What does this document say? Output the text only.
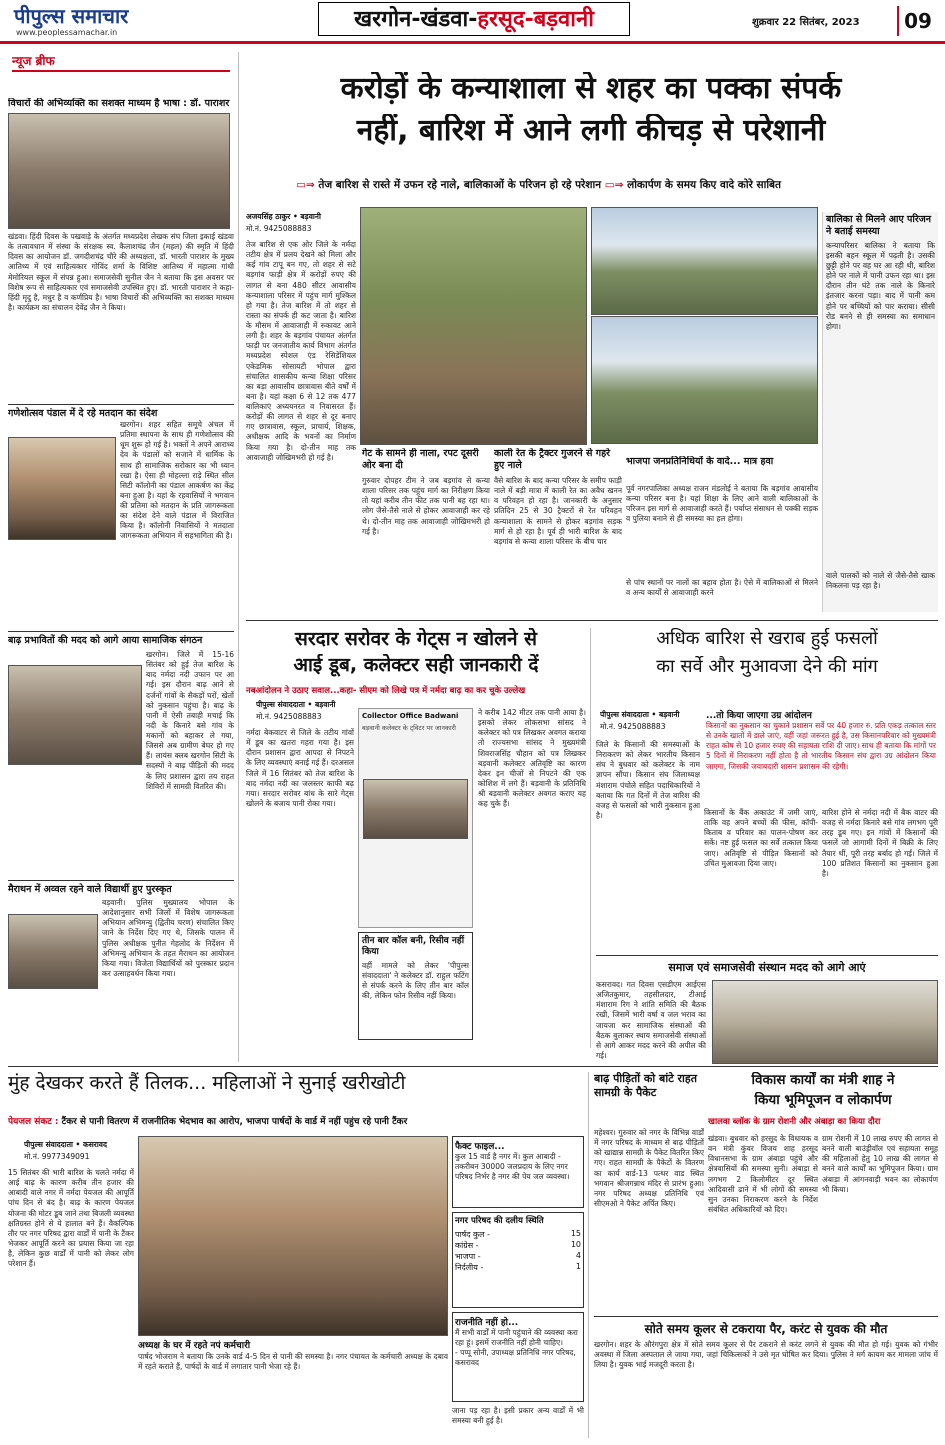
पीपुल्स समाचार
www.peoplessamachar.in
खरगोन-खंडवा-हरसूद-बड़वानी	शुक्रवार 22 सितंबर, 2023	09
न्यूज ब्रीफ
विचारों की अभिव्यक्ति का सशक्त माध्यम है भाषा : डॉ. पाराशर
खंडवा। हिंदी दिवस के पखवाड़े के अंतर्गत मध्यप्रदेश लेखक संघ जिला इकाई खंडवा के तत्वावधान में संस्था के संरक्षक स्व. कैलाशचंद्र जैन (महल) की स्मृति में हिंदी दिवस का आयोजन डॉ. जगदीशचंद्र चौरे की अध्यक्षता, डॉ. भारती पाराशर के मुख्य आतिथ्य में एवं साहित्यकार गोविंद शर्मा के विशिष्ट आतिथ्य में महात्मा गांधी मेमोरियल स्कूल में संपन्न हुआ। समाजसेवी सुनील जैन ने बताया कि इस अवसर पर विशेष रूप से साहित्यकार एवं समाजसेवी उपस्थित हुए। डॉ. भारती पाराशर ने कहा- हिंदी मृदु है, मधुर है व कर्णप्रिय है। भाषा विचारों की अभिव्यक्ति का सशक्त माध्यम है। कार्यक्रम का संचालन देवेंद्र जैन ने किया।
गणेशोत्सव पंडाल में दे रहे मतदान का संदेश
खरगोन। शहर सहित समूचे अंचल में प्रतिमा स्थापना के साथ ही गणेशोत्सव की धूम शुरू हो गई है। भक्तों ने अपने आराध्य देव के पंडालों को सजाने में धार्मिक के साथ ही सामाजिक सरोकार का भी ध्यान रखा है। ऐसा ही मोहल्ला राड़े स्थित सील सिटी कॉलोनी का पंडाल आकर्षण का केंद्र बना हुआ है। यहां के रहवासियों ने भगवान की प्रतिमा को मतदान के प्रति जागरूकता का संदेश देने वाले पंडाल में विराजित किया है। कॉलोनी निवासियों ने मतदाता जागरूकता अभियान में सहभागिता की है।
बाढ़ प्रभावितों की मदद को आगे आया सामाजिक संगठन
खरगोन। जिले में 15-16 सितंबर को हुई तेज बारिश के बाद नर्मदा नदी उफान पर आ गई। इस दौरान बाढ़ आने से दर्जनों गांवों के सैकड़ों घरों, खेतों को नुकसान पहुंचा है। बाढ़ के पानी में ऐसी तबाही मचाई कि नदी के किनारे बसे गांव के मकानों को बहाकर ले गया, जिससे अब ग्रामीण बेघर हो गए हैं। लायंस क्लब खरगोन सिटी के सदस्यों ने बाढ़ पीड़ितों की मदद के लिए प्रशासन द्वारा तय राहत शिविरों में सामग्री वितरित की।
मैराथन में अव्वल रहने वाले विद्यार्थी हुए पुरस्कृत
बड़वानी। पुलिस मुख्यालय भोपाल के आदेशानुसार सभी जिलों में विशेष जागरूकता अभियान अभिमन्यु (द्वितीय चरण) संचालित किए जाने के निर्देश दिए गए थे, जिसके पालन में पुलिस अधीक्षक पुनीत गेहलोद के निर्देशन में अभिमन्यु अभियान के तहत मैराथन का आयोजन किया गया। विजेता विद्यार्थियों को पुरस्कार प्रदान कर उत्साहवर्धन किया गया।
करोड़ों के कन्याशाला से शहर का पक्का संपर्क
नहीं, बारिश में आने लगी कीचड़ से परेशानी
▭⇒ तेज बारिश से रास्ते में उफन रहे नाले, बालिकाओं के परिजन हो रहे परेशान ▭⇒ लोकार्पण के समय किए वादे कोरे साबित
अजयसिंह ठाकुर • बड़वानी
मो.नं. 9425088883
तेज बारिश से एक ओर जिले के नर्मदा तटीय क्षेत्र में प्रलय देखने को मिला और कई गांव टापू बन गए, तो शहर से सटे बड़गांव फाड़ी क्षेत्र में करोड़ों रुपए की लागत से बना 480 सीटर आवासीय कन्याशाला परिसर में पहुंच मार्ग मुश्किल हो गया है। तेज बारिश में तो शहर से रास्ता का संपर्क ही कट जाता है। बारिश के मौसम में आवाजाही में रुकावट आने लगी है। शहर के बड़गांव पंचायत अंतर्गत फाड़ी पर जनजातीय कार्य विभाग अंतर्गत मध्यप्रदेश स्पेशल एंड रेसिडेंशियल एकेडमिक सोसायटी भोपाल द्वारा संचालित शासकीय कन्या शिक्षा परिसर का बड़ा आवासीय छात्रावास बीते वर्षों में बना है। यहां कक्षा 6 से 12 तक 477 बालिकाएं अध्ययनरत व निवासरत हैं। करोड़ों की लागत से शहर से दूर बनाए गए छात्रावास, स्कूल, प्राचार्य, शिक्षक, अधीक्षक आदि के भवनों का निर्माण किया गया है। दो-तीन माह तक आवाजाही जोखिमभरी हो गई है।	गेट के सामने ही नाला, रपट दूसरी ओर बना दी
गुरुवार दोपहर टीम ने जब बड़गांव से कन्या शाला परिसर तक पहुंच मार्ग का निरीक्षण किया तो यहां करीब तीन फीट तक पानी बह रहा था। लोग जैसे-तैसे नाले से होकर आवाजाही कर रहे थे। दो-तीन माह तक आवाजाही जोखिमभरी हो गई है।
काली रेत के ट्रैक्टर गुजरने से गहरे हुए नाले
वैसे बारिश के बाद कन्या परिसर के समीप फाड़ी नाले में बड़ी मात्रा में काली रेत का अवैध खनन व परिवहन हो रहा है। जानकारी के अनुसार प्रतिदिन 25 से 30 ट्रैक्टरों से रेत परिवहन कन्याशाला के सामने से होकर बड़गांव सड़क मार्ग से हो रहा है। पूर्व ही भारी बारिश के बाद बड़गांव से कन्या शाला परिसर के बीच चार
भाजपा जनप्रतिनिधियों के वादे... मात्र हवा
पूर्व नगरपालिका अध्यक्ष राजन मंडलोई ने बताया कि बड़गांव आवासीय कन्या परिसर बना है। यहां शिक्षा के लिए आने वाली बालिकाओं के परिजन इस मार्ग से आवाजाही करते हैं। पर्याप्त संसाधन से पक्की सड़क व पुलिया बनाने से ही समस्या का हल होगा।
से पांच स्थानों पर नालों का बहाव होता है। ऐसे में बालिकाओं से मिलने व अन्य कार्यों से आवाजाही करने
बालिका से मिलने आए परिजन ने बताई समस्या
कन्यापरिसर बालिका ने बताया कि इसकी बहन स्कूल में पढ़ती है। उसकी छुट्टी होने पर वह घर आ रही थी, बारिश होने पर नाले में पानी उफन रहा था। इस दौरान तीन घंटे तक नाले के किनारे इंतजार करना पड़ा। बाद में पानी कम होने पर बच्चियों को पार कराया। सीसी रोड बनने से ही समस्या का समाधान होगा।
वाले पालकों को नाले से जैसे-तैसे खाक निकलना पड़ रहा है।
सरदार सरोवर के गेट्स न खोलने से
आई डूब, कलेक्टर सही जानकारी दें
नबआंदोलन ने उठाए सवाल...कहा- सीएम को लिखे पत्र में नर्मदा बाढ़ का कर चुके उल्लेख
पीपुल्स संवाददाता • बड़वानी
मो.नं. 9425088883
नर्मदा बेकवाटर से जिले के तटीय गांवों में डूब का खतरा गहरा गया है। इस दौरान प्रशासन द्वारा आपदा से निपटने के लिए व्यवस्थाएं बनाई गई हैं। दरअसल जिले में 16 सितंबर को तेज बारिश के बाद नर्मदा नदी का जलस्तर काफी बढ़ गया। सरदार सरोवर बांध के सारे गेट्स खोलने के बजाय पानी रोका गया।
Collector Office Badwani
बड़वानी कलेक्टर के ट्विटर पर जानकारी
तीन बार कॉल बनी, रिसीव नहीं किया
वहीं मामले को लेकर 'पीपुल्स संवाददाता' ने कलेक्टर डॉ. राहुल फटिंग से संपर्क करने के लिए तीन बार कॉल की, लेकिन फोन रिसीव नहीं किया।
ने करीब 142 मीटर तक पानी आया है। इसको लेकर लोकसभा सांसद ने कलेक्टर को पत्र लिखकर अवगत कराया तो राज्यसभा सांसद ने मुख्यमंत्री शिवराजसिंह चौहान को पत्र लिखकर बड़वानी कलेक्टर अतिवृष्टि का कारण देकर इन चीजों से निपटने की एक कोशिश में लगे हैं। बड़वानी के प्रतिनिधि श्री बड़वानी कलेक्टर अवगत कराए यह कह चुके हैं।
अधिक बारिश से खराब हुई फसलों
का सर्वे और मुआवजा देने की मांग
पीपुल्स संवाददाता • बड़वानी
मो.नं. 9425088883
...तो किया जाएगा उग्र आंदोलन
किसानों का नुकसान का चुकाने प्रशासन सर्वे पर 40 हजार रु. प्रति एकड़ तत्काल स्तर से उनके खातों में डाले जाएं, वहीं जहां जरूरत हुई है, उस किसानपरिवार को मुख्यमंत्री राहत कोष से 10 हजार रुपए की सहायता राशि दी जाए। साथ ही बताया कि मांगों पर 5 दिनों में निराकरण नहीं होता है तो भारतीय किसान संघ द्वारा उग्र आंदोलन किया जाएगा, जिसकी जवाबदारी शासन प्रशासन की रहेगी।
जिले के किसानों की समस्याओं के निराकरण को लेकर भारतीय किसान संघ ने बुधवार को कलेक्टर के नाम ज्ञापन सौंपा। किसान संघ जिलाध्यक्ष मंशाराम पंचोले सहित पदाधिकारियों ने बताया कि गत दिनों में तेज बारिश की वजह से फसलों को भारी नुकसान हुआ है।	किसानों के बैंक अकाउंट में जमी जाएं, ताकि वह अपने बच्चों की फीस, कॉपी-किताब व परिवार का पालन-पोषण कर सकें। नष्ट हुई फसल का सर्वे तत्काल किया जाए। अतिवृष्टि से पीड़ित किसानों को उचित मुआवजा दिया जाए।
बारिश होने से नर्मदा नदी में बैक वाटर की वजह से नर्मदा किनारे बसे गांव लगभग पूरी तरह डूब गए। इन गांवों में किसानों की फसलें जो आगामी दिनों में बिक्री के लिए तैयार थीं, पूरी तरह बर्बाद हो गईं। जिले में 100 प्रतिशत किसानों का नुकसान हुआ है।
समाज एवं समाजसेवी संस्थान मदद को आगे आएं
कसरावद। गत दिवस एसडीएम आईएस अजितकुमार, तहसीलदार, टीआई मंशाराम रिग ने शांति समिति की बैठक रखी, जिसमें भारी वर्षा व जल भराव का जायजा कर सामाजिक संस्थाओं की बैठक बुलाकर स्थाय समाजसेवी संस्थाओं से आगे आकर मदद करने की अपील की गई।
मुंह देखकर करते हैं तिलक... महिलाओं ने सुनाई खरीखोटी
पेयजल संकट : टैंकर से पानी वितरण में राजनीतिक भेदभाव का आरोप, भाजपा पार्षदों के वार्ड में नहीं पहुंच रहे पानी टैंकर
पीपुल्स संवाददाता • कसरावद
मो.नं. 9977349091
15 सितंबर की भारी बारिश के चलते नर्मदा में आई बाढ़ के कारण करीब तीन हजार की आबादी वाले नगर में नर्मदा पेयजल की आपूर्ति पांच दिन से बंद है। बाढ़ के कारण पेयजल योजना की मोटर डूब जाने तथा बिजली व्यवस्था क्षतिग्रस्त होने से ये हालात बने हैं। वैकल्पिक तौर पर नगर परिषद द्वारा वार्डों में पानी के टैंकर भेजकर आपूर्ति करने का प्रयास किया जा रहा है, लेकिन कुछ वार्डों में पानी को लेकर लोग परेशान हैं।
अध्यक्ष के घर में रहते नपं कर्मचारी
पार्षद भोजराम ने बताया कि उनके वार्ड 4-5 दिन से पानी की समस्या है। नगर पंचायत के कर्मचारी अध्यक्ष के दबाव में रहते कराते हैं, पार्षदों के वार्ड में लगातार पानी भेजा रहे हैं।
फैक्ट फाइल...
कुल 15 वार्ड है नगर में। कुल आबादी - तकरीबन 30000 जलप्रदाय के लिए नगर परिषद निर्भर है नगर की पेय जल व्यवस्था।
नगर परिषद की दलीय स्थिति
पार्षद कुल -	15
कांग्रेस -	10
भाजपा -	4
निर्दलीय -	1
राजनीति नहीं हो...
मैं सभी वार्डों में पानी पहुंचाने की व्यवस्था करा रहा हूं। इसमें राजनीति नहीं होनी चाहिए।
- पप्पू सोनी, उपाध्यक्ष प्रतिनिधि नगर परिषद, कसरावद
जाना पड़ रहा है। इसी प्रकार अन्य वार्डों में भी समस्या बनी हुई है।
बाढ़ पीड़ितों को बांटे राहत सामग्री के पैकेट
महेश्वर। गुरुवार को नगर के विभिन्न वार्डों में नगर परिषद के माध्यम से बाढ़ पीड़ितों को खाद्यान्न सामग्री के पैकेट वितरित किए गए। राहत सामग्री के पैकेटों के वितरण का कार्य वार्ड-13 पत्थर वाड स्थित भगवान श्रीजगन्नाथ मंदिर से प्रारंभ हुआ। नगर परिषद अध्यक्ष प्रतिनिधि एवं सीएमओ ने पैकेट अर्पित किए।
विकास कार्यों का मंत्री शाह ने
किया भूमिपूजन व लोकार्पण
खालवा ब्लॉक के ग्राम रोशनी और अंबाड़ा का किया दौरा
खंडवा। बुधवार को हरसूद के विधायक व वन मंत्री कुंवर विजय शाह हरसूद विधानसभा के ग्राम अंबाड़ा पहुंचे और क्षेत्रवासियों की समस्या सुनी। अंबाड़ा से लगभग 2 किलोमीटर दूर स्थित आदिवासी ढाने में भी लोगों की समस्या सुन उनका निराकरण करने के निर्देश संबंधित अधिकारियों को दिए।
ग्राम रोशनी में 10 लाख रुपए की लागत से बनने वाली बाउंड्रीवॉल एवं सहायता समूह की महिलाओं हेतु 10 लाख की लागत से बनने वाले कार्यों का भूमिपूजन किया। ग्राम अंबाड़ा में आंगनवाड़ी भवन का लोकार्पण भी किया।
सोते समय कूलर से टकराया पैर, करंट से युवक की मौत
खरगोन। शहर के औरंगपुरा क्षेत्र में सोते समय कूलर से पैर टकराने से करंट लगने से युवक की मौत हो गई। युवक को गंभीर अवस्था में जिला अस्पताल ले जाया गया, जहां चिकित्सकों ने उसे मृत घोषित कर दिया। पुलिस ने मर्ग कायम कर मामला जांच में लिया है। युवक भाई मजदूरी करता है।
